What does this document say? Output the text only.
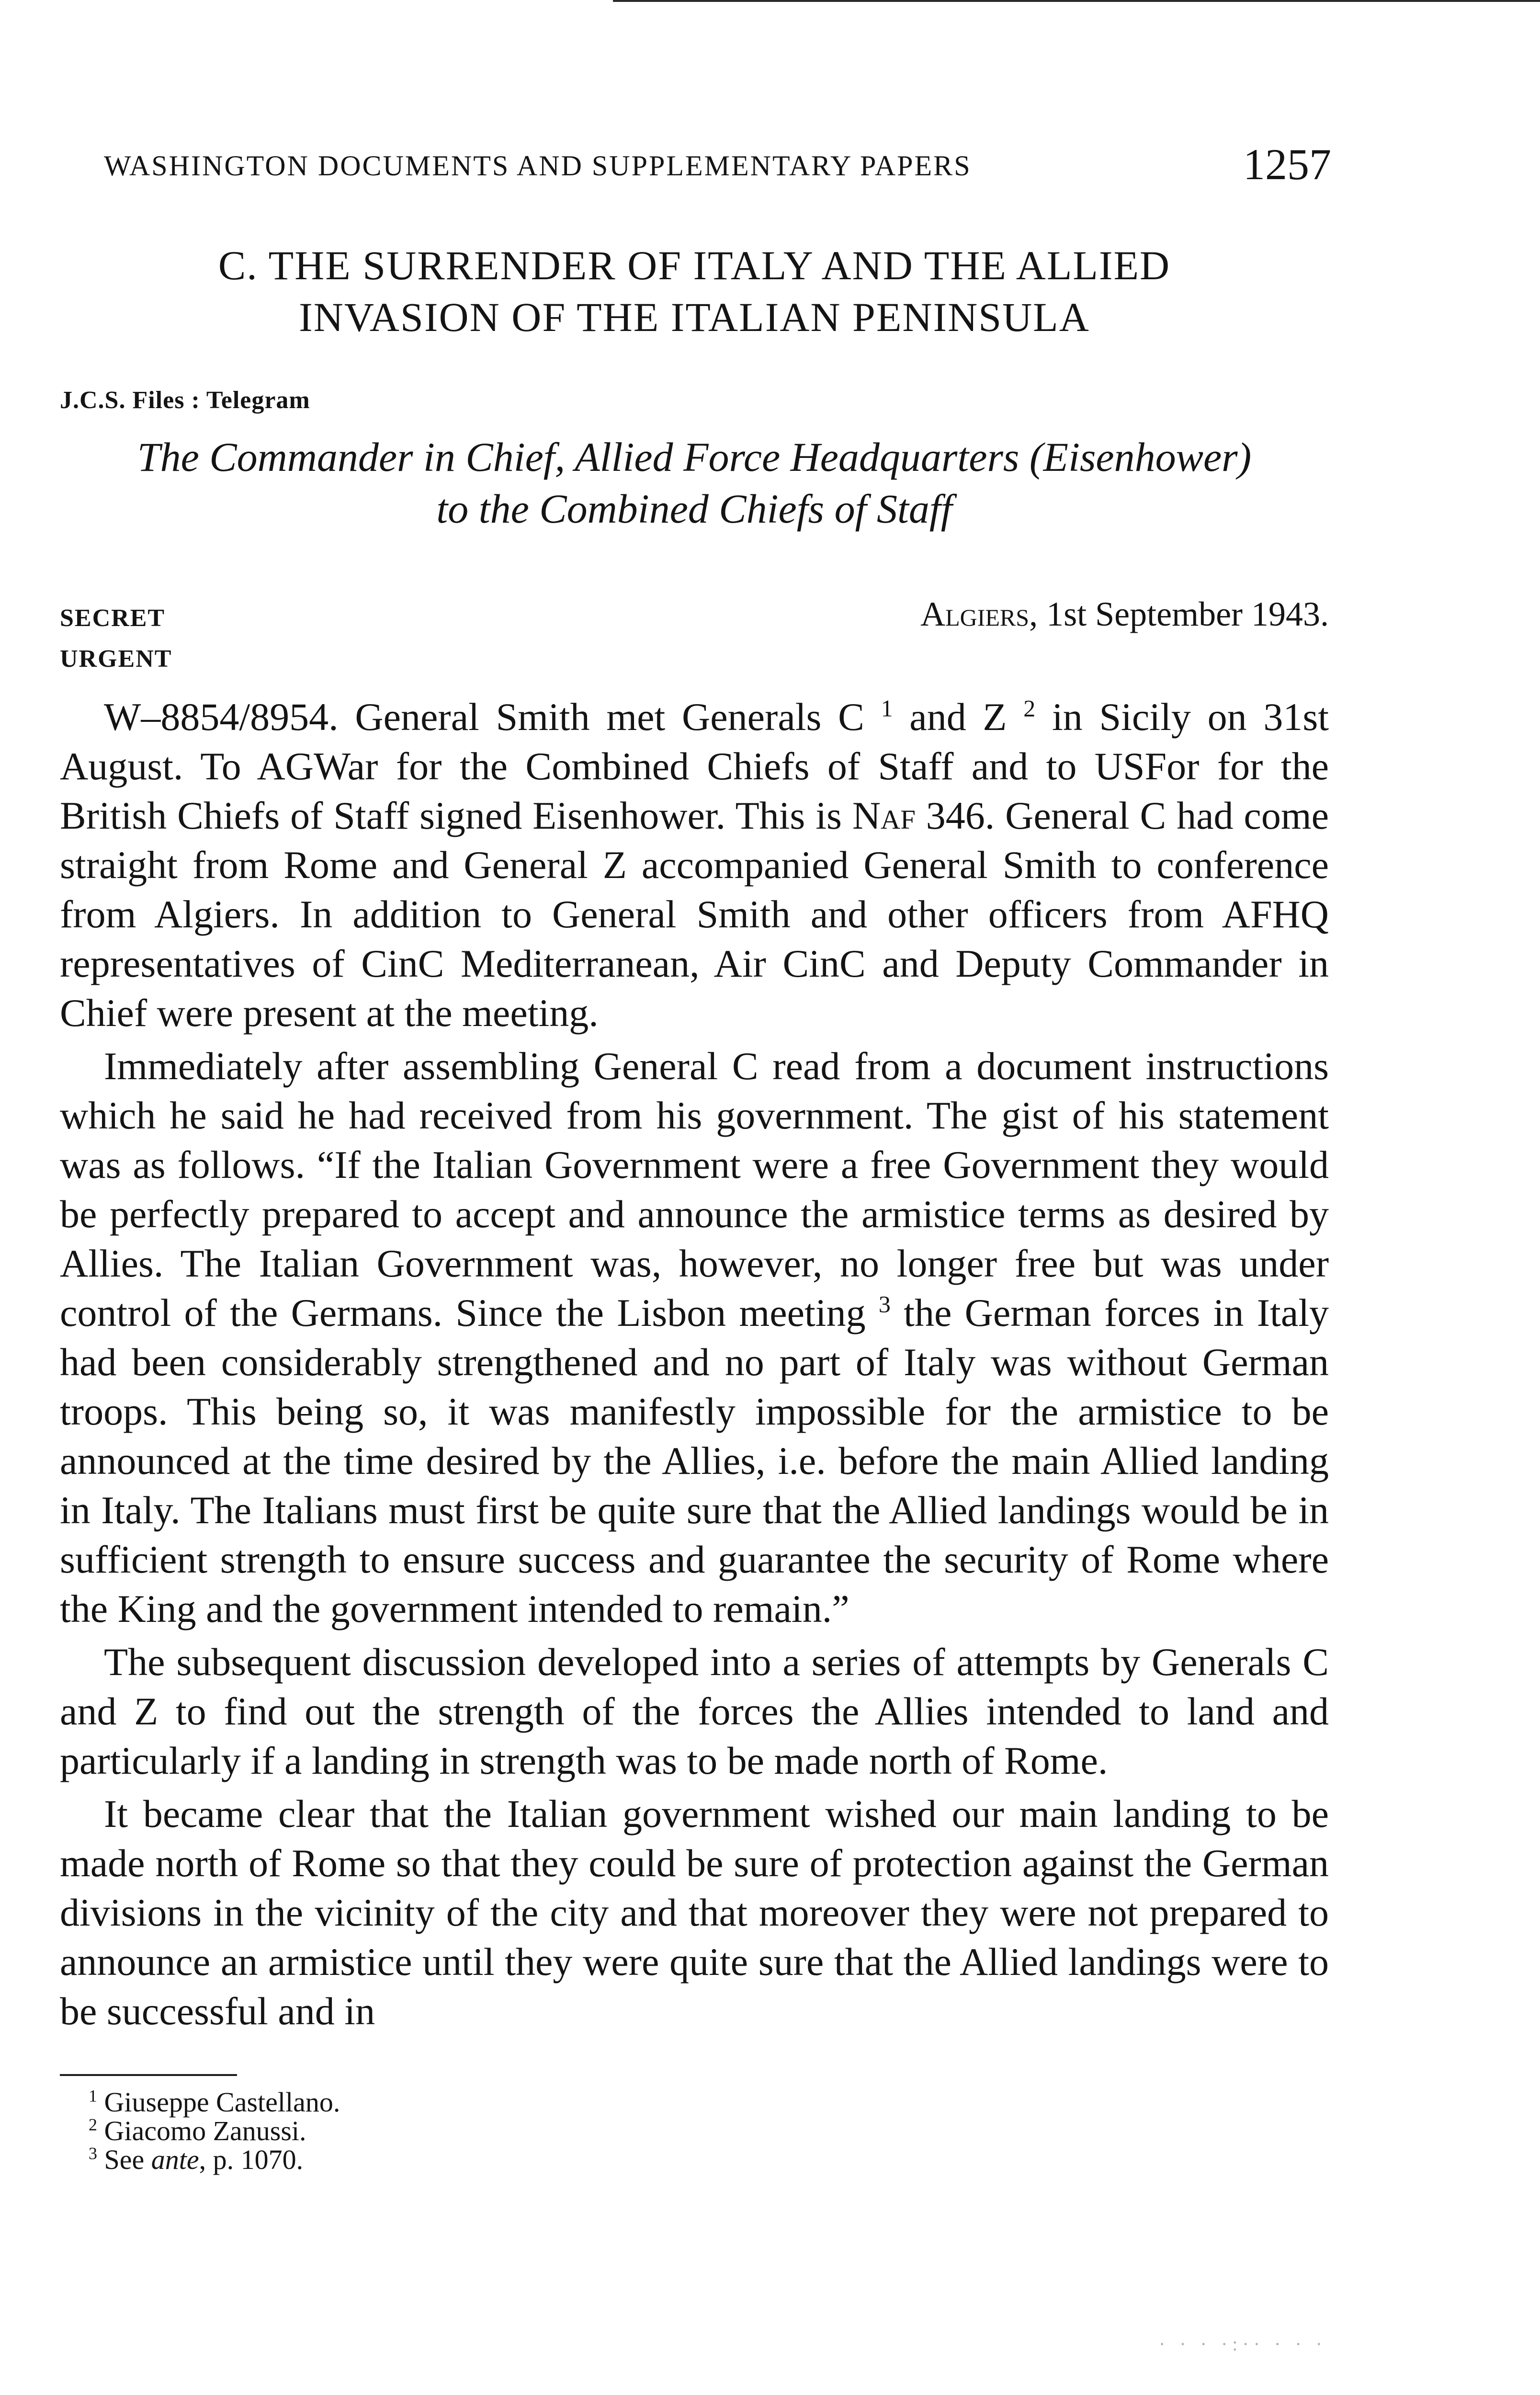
WASHINGTON DOCUMENTS AND SUPPLEMENTARY PAPERS	1257
C. THE SURRENDER OF ITALY AND THE ALLIED
INVASION OF THE ITALIAN PENINSULA
J.C.S. Files : Telegram
The Commander in Chief, Allied Force Headquarters (Eisenhower)
to the Combined Chiefs of Staff
SECRET	Algiers, 1st September 1943.
URGENT

W–8854/8954. General Smith met Generals C $^1$ and Z $^2$ in Sicily on 31st August. To AGWar for the Combined Chiefs of Staff and to USFor for the British Chiefs of Staff signed Eisenhower. This is Naf 346. General C had come straight from Rome and General Z accompanied General Smith to conference from Algiers. In addition to General Smith and other officers from AFHQ representatives of CinC Mediterranean, Air CinC and Deputy Commander in Chief were present at the meeting.

Immediately after assembling General C read from a document instructions which he said he had received from his government. The gist of his statement was as follows. “If the Italian Government were a free Government they would be perfectly prepared to accept and announce the armistice terms as desired by Allies. The Italian Government was, however, no longer free but was under control of the Germans. Since the Lisbon meeting $^3$ the German forces in Italy had been considerably strengthened and no part of Italy was without German troops. This being so, it was manifestly impossible for the armistice to be announced at the time desired by the Allies, i.e. before the main Allied landing in Italy. The Italians must first be quite sure that the Allied landings would be in sufficient strength to ensure success and guarantee the security of Rome where the King and the government intended to remain.”

The subsequent discussion developed into a series of attempts by Generals C and Z to find out the strength of the forces the Allies intended to land and particularly if a landing in strength was to be made north of Rome.

It became clear that the Italian government wished our main landing to be made north of Rome so that they could be sure of protection against the German divisions in the vicinity of the city and that moreover they were not prepared to announce an armistice until they were quite sure that the Allied landings were to be successful and in

$^1$ Giuseppe Castellano.
$^2$ Giacomo Zanussi.
$^3$ See ante, p. 1070.
· · · ·:·· · · ·
